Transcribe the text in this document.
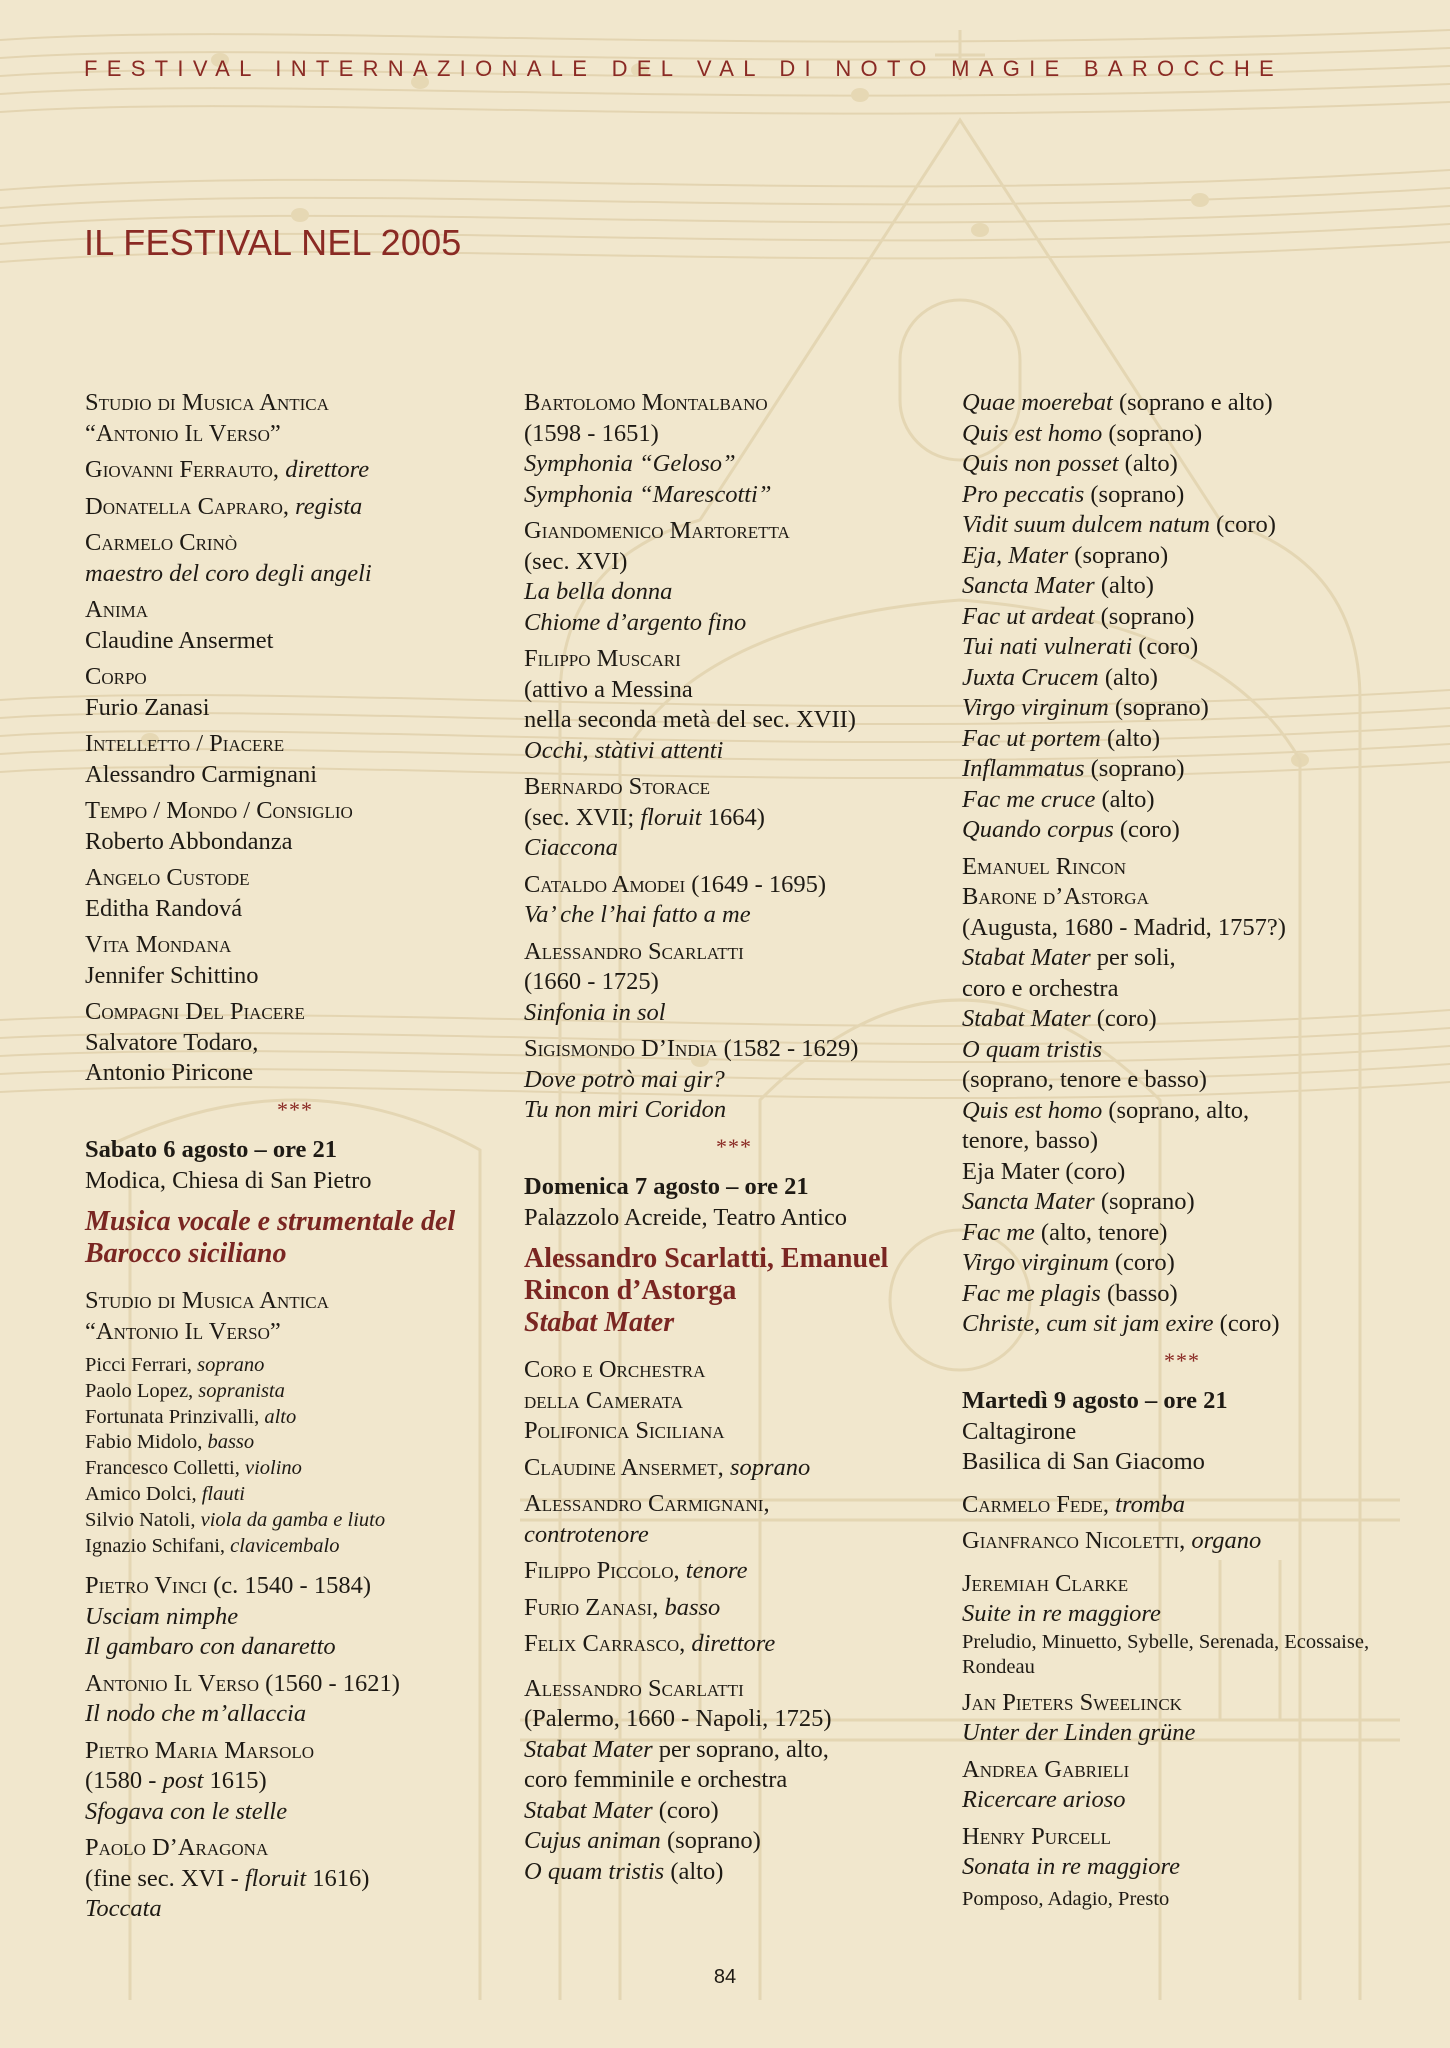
FESTIVAL INTERNAZIONALE DEL VAL DI NOTO MAGIE BAROCCHE
IL FESTIVAL NEL 2005

Studio di Musica Antica
“Antonio Il Verso”

Giovanni Ferrauto, direttore

Donatella Capraro, regista

Carmelo Crinò
maestro del coro degli angeli

Anima
Claudine Ansermet

Corpo
Furio Zanasi

Intelletto / Piacere
Alessandro Carmignani

Tempo / Mondo / Consiglio
Roberto Abbondanza

Angelo Custode
Editha Randová

Vita Mondana
Jennifer Schittino

Compagni Del Piacere
Salvatore Todaro,
Antonio Piricone

***

Sabato 6 agosto – ore 21
Modica, Chiesa di San Pietro

Musica vocale e strumentale del Barocco siciliano

Studio di Musica Antica
“Antonio Il Verso”

Picci Ferrari, soprano
Paolo Lopez, sopranista
Fortunata Prinzivalli, alto
Fabio Midolo, basso
Francesco Colletti, violino
Amico Dolci, flauti
Silvio Natoli, viola da gamba e liuto
Ignazio Schifani, clavicembalo

Pietro Vinci (c. 1540 - 1584)
Usciam nimphe
Il gambaro con danaretto

Antonio Il Verso (1560 - 1621)
Il nodo che m’allaccia

Pietro Maria Marsolo
(1580 - post 1615)
Sfogava con le stelle

Paolo D’Aragona
(fine sec. XVI - floruit 1616)
Toccata

Bartolomo Montalbano
(1598 - 1651)
Symphonia “Geloso”
Symphonia “Marescotti”

Giandomenico Martoretta
(sec. XVI)
La bella donna
Chiome d’argento fino

Filippo Muscari
(attivo a Messina
nella seconda metà del sec. XVII)
Occhi, stàtivi attenti

Bernardo Storace
(sec. XVII; floruit 1664)
Ciaccona

Cataldo Amodei (1649 - 1695)
Va’ che l’hai fatto a me

Alessandro Scarlatti
(1660 - 1725)
Sinfonia in sol

Sigismondo D’India (1582 - 1629)
Dove potrò mai gir?
Tu non miri Coridon

***

Domenica 7 agosto – ore 21
Palazzolo Acreide, Teatro Antico

Alessandro Scarlatti, Emanuel Rincon d’Astorga
Stabat Mater

Coro e Orchestra
della Camerata
Polifonica Siciliana

Claudine Ansermet, soprano

Alessandro Carmignani,
controtenore

Filippo Piccolo, tenore

Furio Zanasi, basso

Felix Carrasco, direttore

Alessandro Scarlatti
(Palermo, 1660 - Napoli, 1725)
Stabat Mater per soprano, alto,
coro femminile e orchestra
Stabat Mater (coro)
Cujus animan (soprano)
O quam tristis (alto)

Quae moerebat (soprano e alto)
Quis est homo (soprano)
Quis non posset (alto)
Pro peccatis (soprano)
Vidit suum dulcem natum (coro)
Eja, Mater (soprano)
Sancta Mater (alto)
Fac ut ardeat (soprano)
Tui nati vulnerati (coro)
Juxta Crucem (alto)
Virgo virginum (soprano)
Fac ut portem (alto)
Inflammatus (soprano)
Fac me cruce (alto)
Quando corpus (coro)

Emanuel Rincon
Barone d’Astorga
(Augusta, 1680 - Madrid, 1757?)
Stabat Mater per soli,
coro e orchestra
Stabat Mater (coro)
O quam tristis
(soprano, tenore e basso)
Quis est homo (soprano, alto,
tenore, basso)
Eja Mater (coro)
Sancta Mater (soprano)
Fac me (alto, tenore)
Virgo virginum (coro)
Fac me plagis (basso)
Christe, cum sit jam exire (coro)

***

Martedì 9 agosto – ore 21
Caltagirone
Basilica di San Giacomo

Carmelo Fede, tromba

Gianfranco Nicoletti, organo

Jeremiah Clarke
Suite in re maggiore
Preludio, Minuetto, Sybelle, Serenada, Ecossaise, Rondeau

Jan Pieters Sweelinck
Unter der Linden grüne

Andrea Gabrieli
Ricercare arioso

Henry Purcell
Sonata in re maggiore
Pomposo, Adagio, Presto

84
